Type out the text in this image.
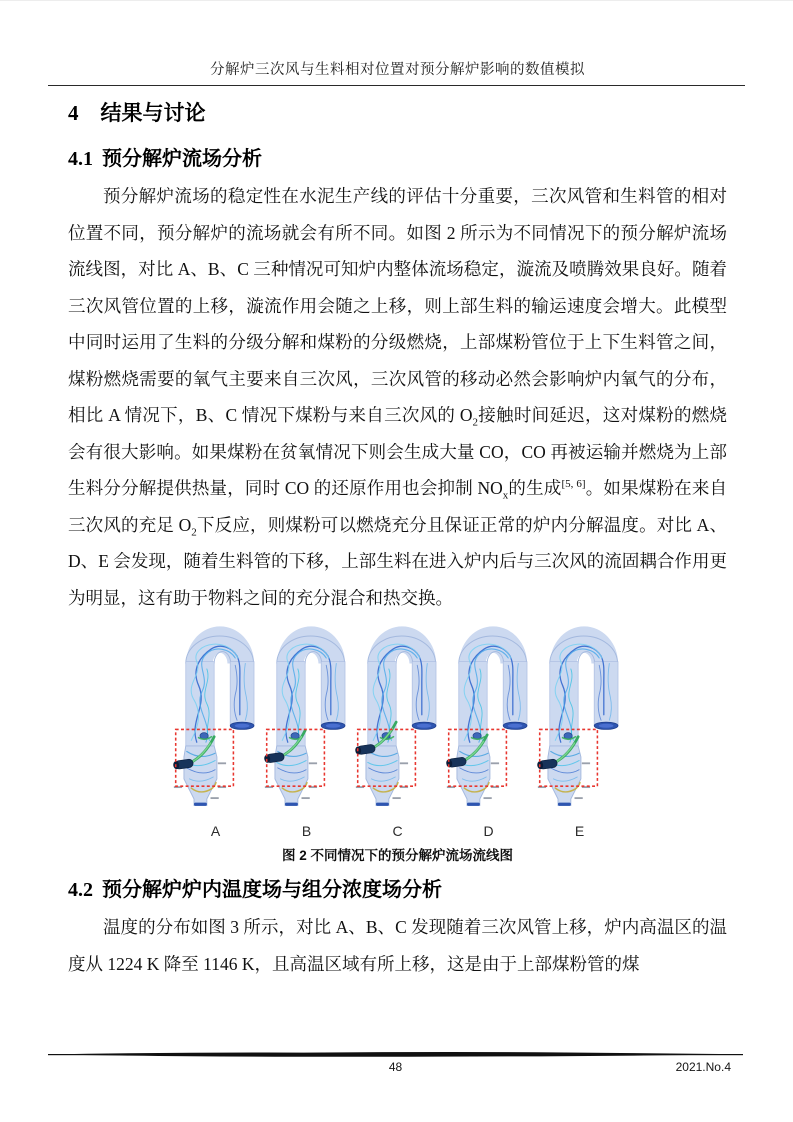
分解炉三次风与生料相对位置对预分解炉影响的数值模拟
4 结果与讨论
4.1 预分解炉流场分析

预分解炉流场的稳定性在水泥生产线的评估十分重要，三次风管和生料管的相对位置不同，预分解炉的流场就会有所不同。如图 2 所示为不同情况下的预分解炉流场流线图，对比 A、B、C 三种情况可知炉内整体流场稳定，漩流及喷腾效果良好。随着三次风管位置的上移，漩流作用会随之上移，则上部生料的输运速度会增大。此模型中同时运用了生料的分级分解和煤粉的分级燃烧，上部煤粉管位于上下生料管之间，煤粉燃烧需要的氧气主要来自三次风，三次风管的移动必然会影响炉内氧气的分布，相比 A 情况下，B、C 情况下煤粉与来自三次风的 $O_2$接触时间延迟，这对煤粉的燃烧会有很大影响。如果煤粉在贫氧情况下则会生成大量 CO，CO 再被运输并燃烧为上部生料分分解提供热量，同时 CO 的还原作用也会抑制 $NO_x$的生成[5, 6]。如果煤粉在来自三次风的充足 $O_2$下反应，则煤粉可以燃烧充分且保证正常的炉内分解温度。对比 A、D、E 会发现，随着生料管的下移，上部生料在进入炉内后与三次风的流固耦合作用更为明显，这有助于物料之间的充分混合和热交换。

A	B	C	D	E
图 2 不同情况下的预分解炉流场流线图
4.2 预分解炉炉内温度场与组分浓度场分析

温度的分布如图 3 所示，对比 A、B、C 发现随着三次风管上移，炉内高温区的温度从 1224 K 降至 1146 K，且高温区域有所上移，这是由于上部煤粉管的煤

48	2021.No.4
